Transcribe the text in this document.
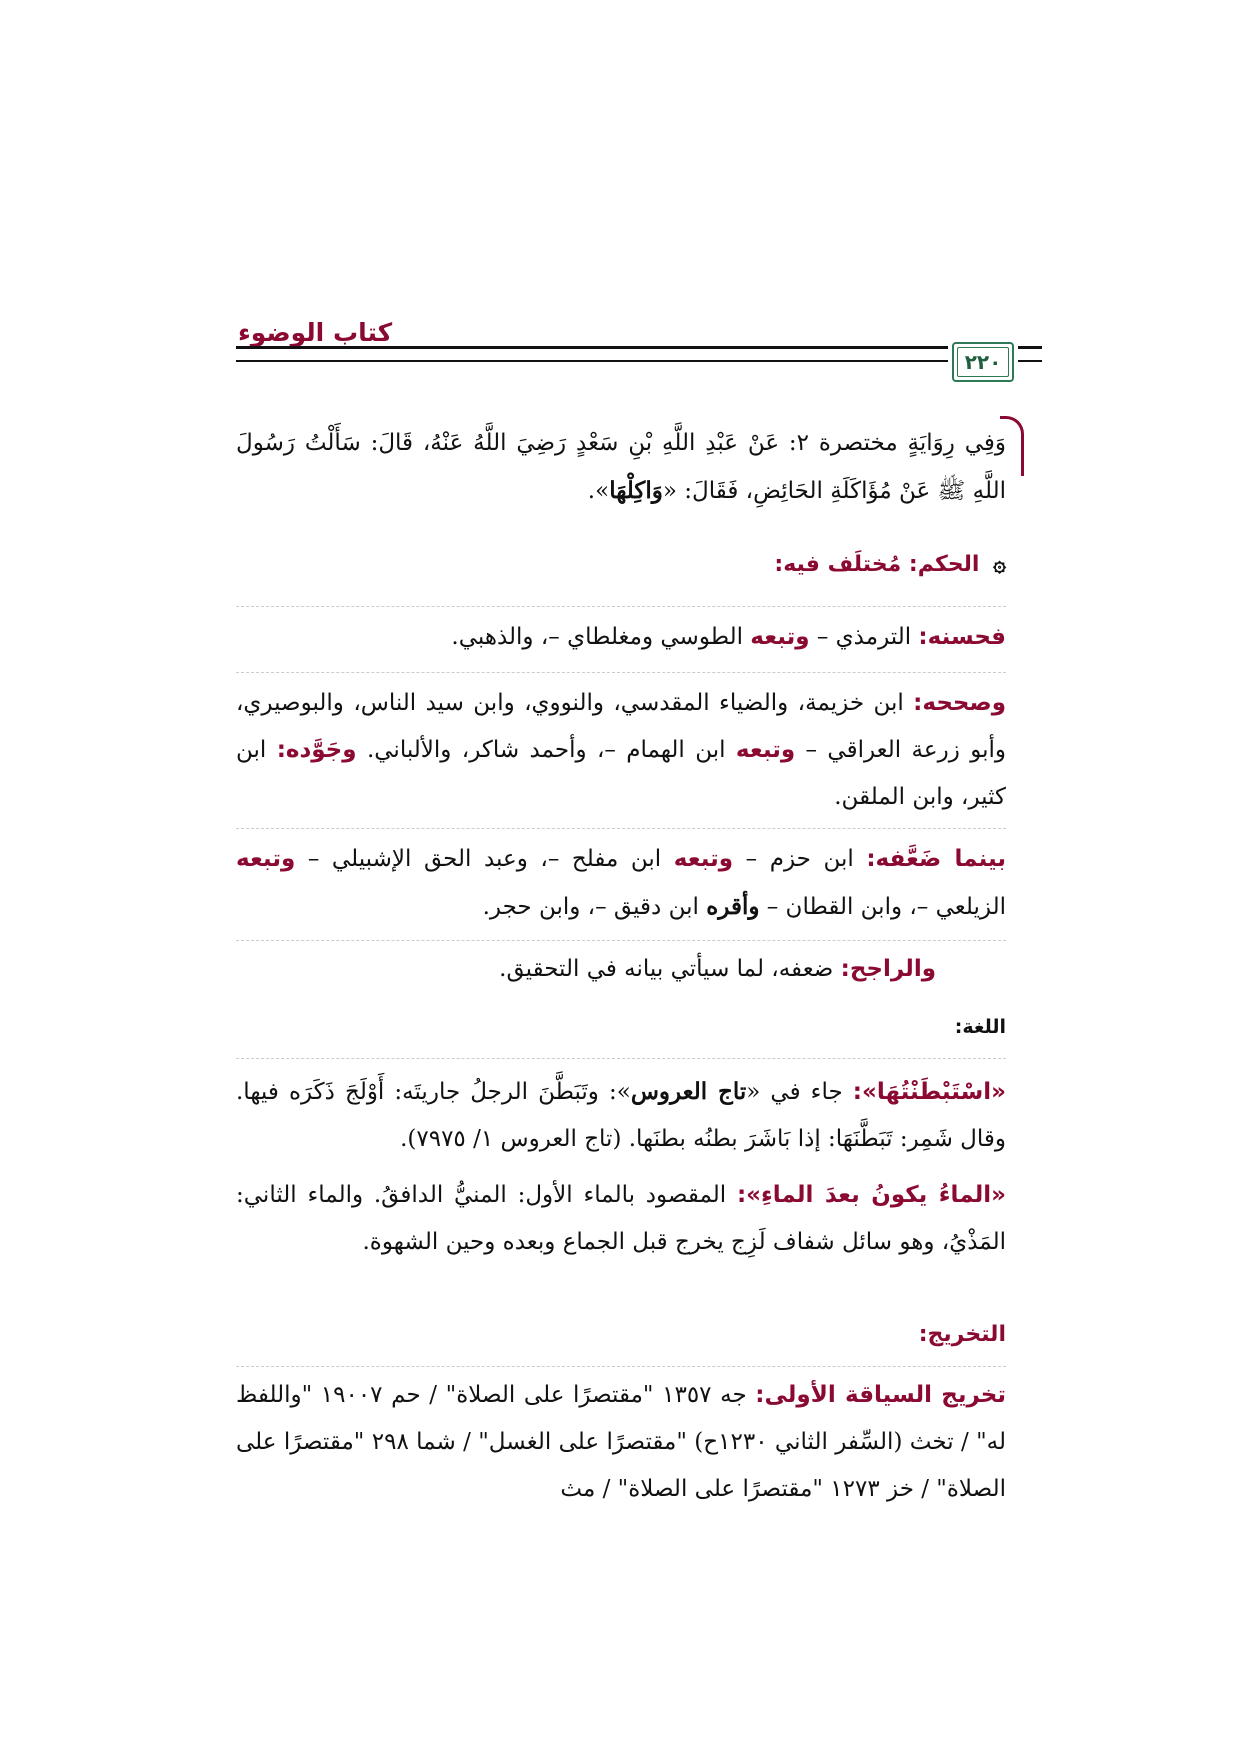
كتاب الوضوء
٢٢٠

وَفِي رِوَايَةٍ مختصرة ٢: عَنْ عَبْدِ اللَّهِ بْنِ سَعْدٍ رَضِيَ اللَّهُ عَنْهُ، قَالَ: سَأَلْتُ رَسُولَ اللَّهِ ﷺ عَنْ مُؤَاكَلَةِ الحَائِضِ، فَقَالَ: «وَاكِلْهَا».

۞ الحكم: مُختلَف فيه:

فحسنه: الترمذي – وتبعه الطوسي ومغلطاي –، والذهبي.

وصححه: ابن خزيمة، والضياء المقدسي، والنووي، وابن سيد الناس، والبوصيري، وأبو زرعة العراقي – وتبعه ابن الهمام –، وأحمد شاكر، والألباني. وجَوَّده: ابن كثير، وابن الملقن.

بينما ضَعَّفه: ابن حزم – وتبعه ابن مفلح –، وعبد الحق الإشبيلي – وتبعه الزيلعي –، وابن القطان – وأقره ابن دقيق –، وابن حجر.

والراجح: ضعفه، لما سيأتي بيانه في التحقيق.

اللغة:

«اسْتَبْطَنْتُهَا»: جاء في «تاج العروس»: وتَبَطَّنَ الرجلُ جاريتَه: أَوْلَجَ ذَكَرَه فيها. وقال شَمِر: تَبَطَّنَهَا: إذا بَاشَرَ بطنُه بطنَها. (تاج العروس ١/ ٧٩٧٥).

«الماءُ يكونُ بعدَ الماءِ»: المقصود بالماء الأول: المنيُّ الدافقُ. والماء الثاني: المَذْيُ، وهو سائل شفاف لَزِج يخرج قبل الجماع وبعده وحين الشهوة.

التخريج:

تخريج السياقة الأولى: جه ١٣٥٧ "مقتصرًا على الصلاة" / حم ١٩٠٠٧ "واللفظ له" / تخث (السِّفر الثاني ١٢٣٠ح) "مقتصرًا على الغسل" / شما ٢٩٨ "مقتصرًا على الصلاة" / خز ١٢٧٣ "مقتصرًا على الصلاة" / مث
